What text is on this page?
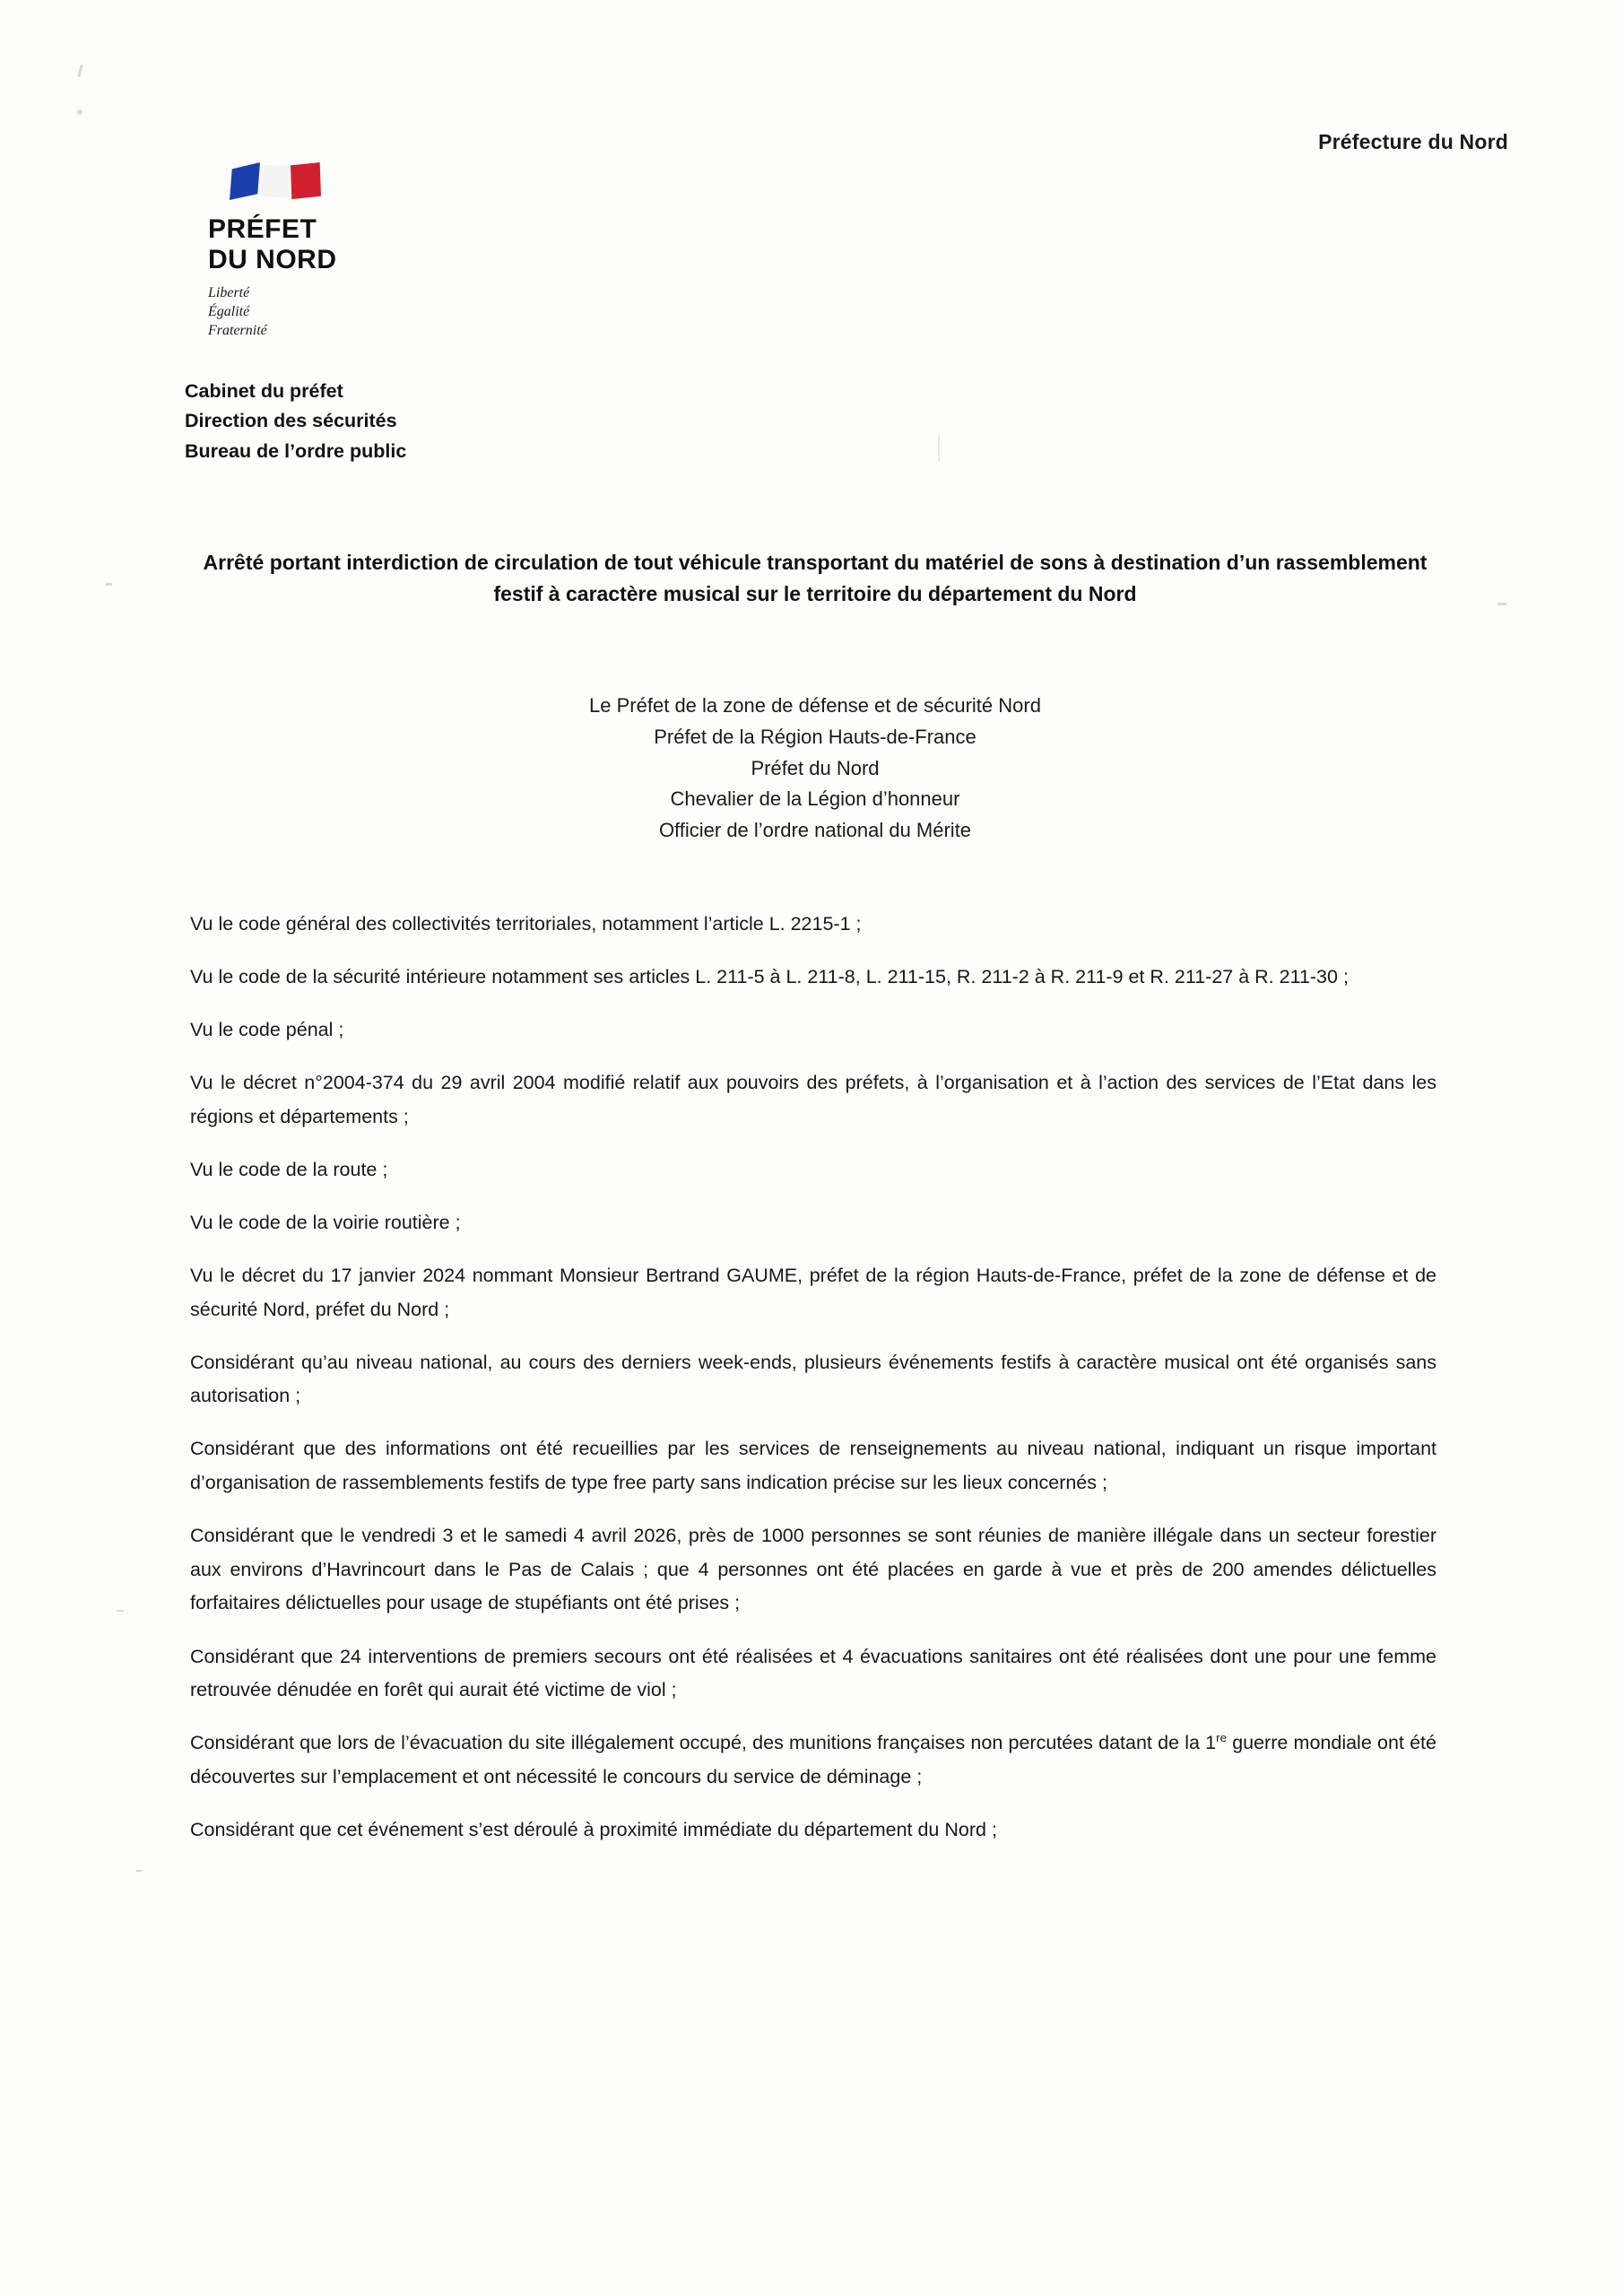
Préfecture du Nord
PRÉFET
DU NORD
Liberté
Égalité
Fraternité
Cabinet du préfet
Direction des sécurités
Bureau de l’ordre public
Arrêté portant interdiction de circulation de tout véhicule transportant du matériel de sons à destination d’un rassemblement festif à caractère musical sur le territoire du département du Nord
Le Préfet de la zone de défense et de sécurité Nord
Préfet de la Région Hauts-de-France
Préfet du Nord
Chevalier de la Légion d’honneur
Officier de l’ordre national du Mérite

Vu le code général des collectivités territoriales, notamment l’article L. 2215-1 ;

Vu le code de la sécurité intérieure notamment ses articles L. 211-5 à L. 211-8, L. 211-15, R. 211-2 à R. 211-9 et R. 211-27 à R. 211-30 ;

Vu le code pénal ;

Vu le décret n°2004-374 du 29 avril 2004 modifié relatif aux pouvoirs des préfets, à l’organisation et à l’action des services de l’Etat dans les régions et départements ;

Vu le code de la route ;

Vu le code de la voirie routière ;

Vu le décret du 17 janvier 2024 nommant Monsieur Bertrand GAUME, préfet de la région Hauts-de-France, préfet de la zone de défense et de sécurité Nord, préfet du Nord ;

Considérant qu’au niveau national, au cours des derniers week-ends, plusieurs événements festifs à caractère musical ont été organisés sans autorisation ;

Considérant que des informations ont été recueillies par les services de renseignements au niveau national, indiquant un risque important d’organisation de rassemblements festifs de type free party sans indication précise sur les lieux concernés ;

Considérant que le vendredi 3 et le samedi 4 avril 2026, près de 1000 personnes se sont réunies de manière illégale dans un secteur forestier aux environs d’Havrincourt dans le Pas de Calais ; que 4 personnes ont été placées en garde à vue et près de 200 amendes délictuelles forfaitaires délictuelles pour usage de stupéfiants ont été prises ;

Considérant que 24 interventions de premiers secours ont été réalisées et 4 évacuations sanitaires ont été réalisées dont une pour une femme retrouvée dénudée en forêt qui aurait été victime de viol ;

Considérant que lors de l’évacuation du site illégalement occupé, des munitions françaises non percutées datant de la 1re guerre mondiale ont été découvertes sur l’emplacement et ont nécessité le concours du service de déminage ;

Considérant que cet événement s’est déroulé à proximité immédiate du département du Nord ;
